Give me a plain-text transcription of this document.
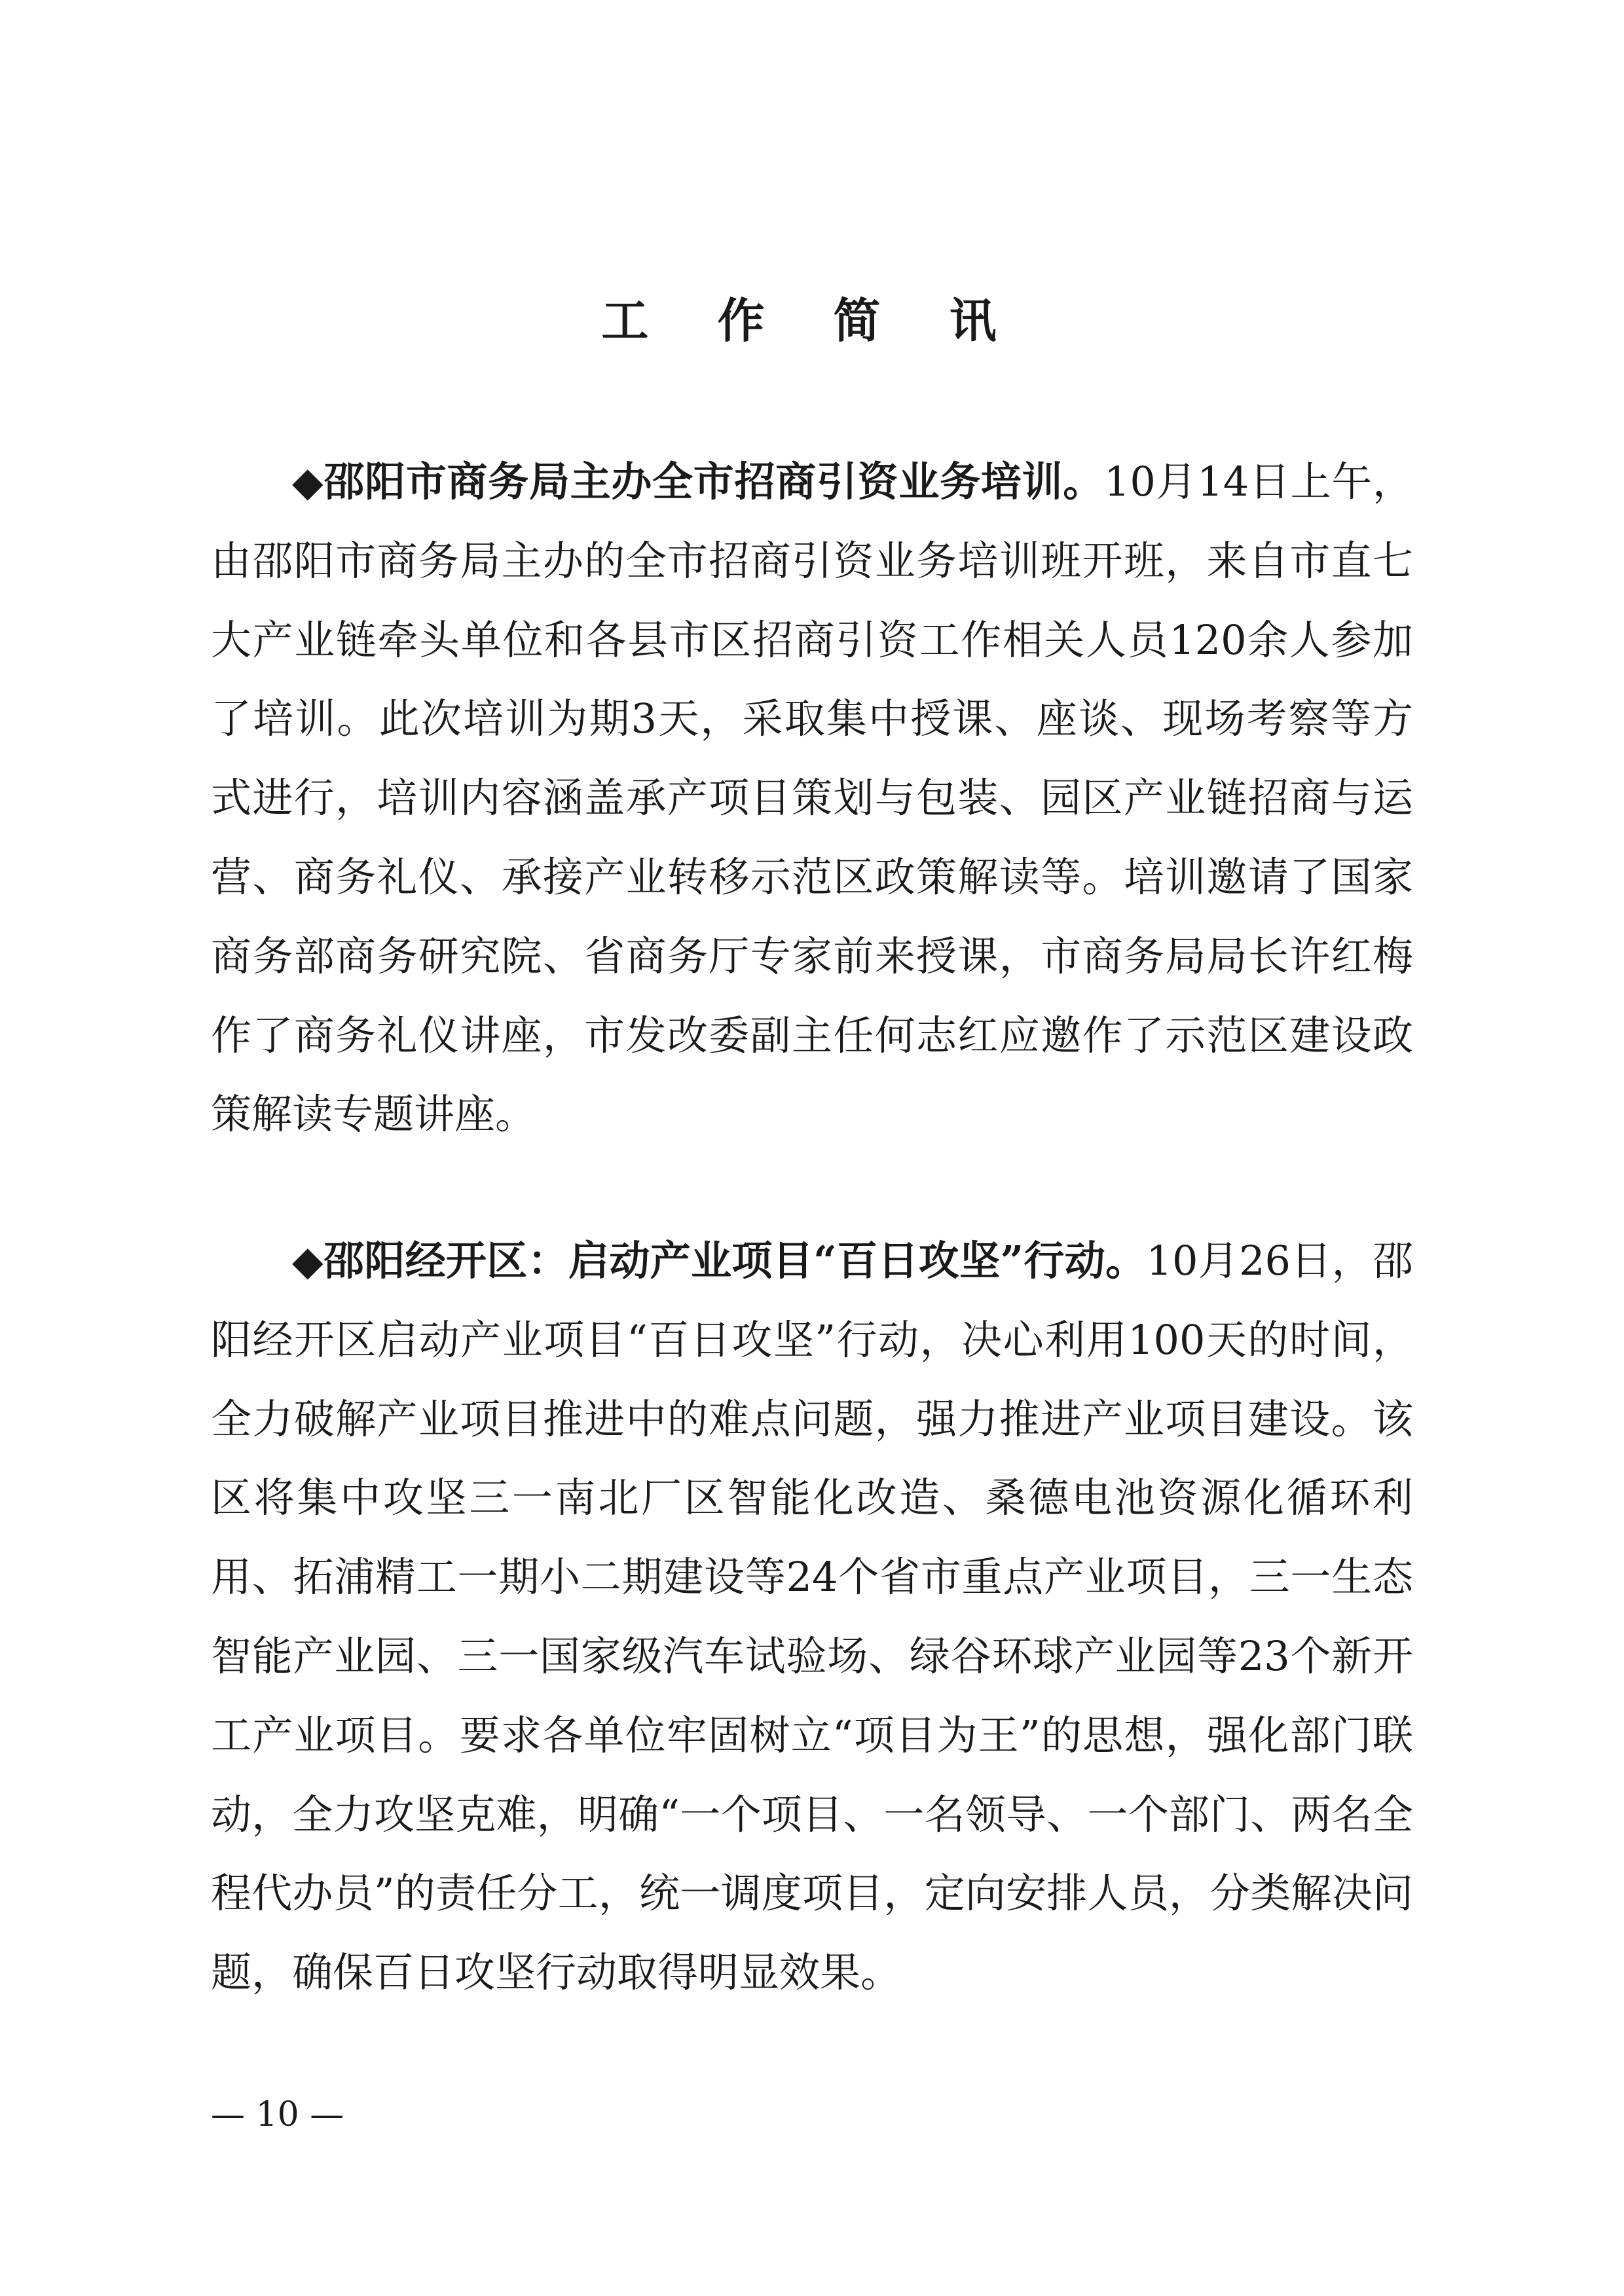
工 作 简 讯

◆邵阳市商务局主办全市招商引资业务培训。10月14日上午，由邵阳市商务局主办的全市招商引资业务培训班开班，来自市直七大产业链牵头单位和各县市区招商引资工作相关人员120余人参加了培训。此次培训为期3天，采取集中授课、座谈、现场考察等方式进行，培训内容涵盖承产项目策划与包装、园区产业链招商与运营、商务礼仪、承接产业转移示范区政策解读等。培训邀请了国家商务部商务研究院、省商务厅专家前来授课，市商务局局长许红梅作了商务礼仪讲座，市发改委副主任何志红应邀作了示范区建设政策解读专题讲座。

◆邵阳经开区：启动产业项目“百日攻坚”行动。10月26日，邵阳经开区启动产业项目“百日攻坚”行动，决心利用100天的时间，全力破解产业项目推进中的难点问题，强力推进产业项目建设。该区将集中攻坚三一南北厂区智能化改造、桑德电池资源化循环利用、拓浦精工一期小二期建设等24个省市重点产业项目，三一生态智能产业园、三一国家级汽车试验场、绿谷环球产业园等23个新开工产业项目。要求各单位牢固树立“项目为王”的思想，强化部门联动，全力攻坚克难，明确“一个项目、一名领导、一个部门、两名全程代办员”的责任分工，统一调度项目，定向安排人员，分类解决问题，确保百日攻坚行动取得明显效果。

— 10 —
